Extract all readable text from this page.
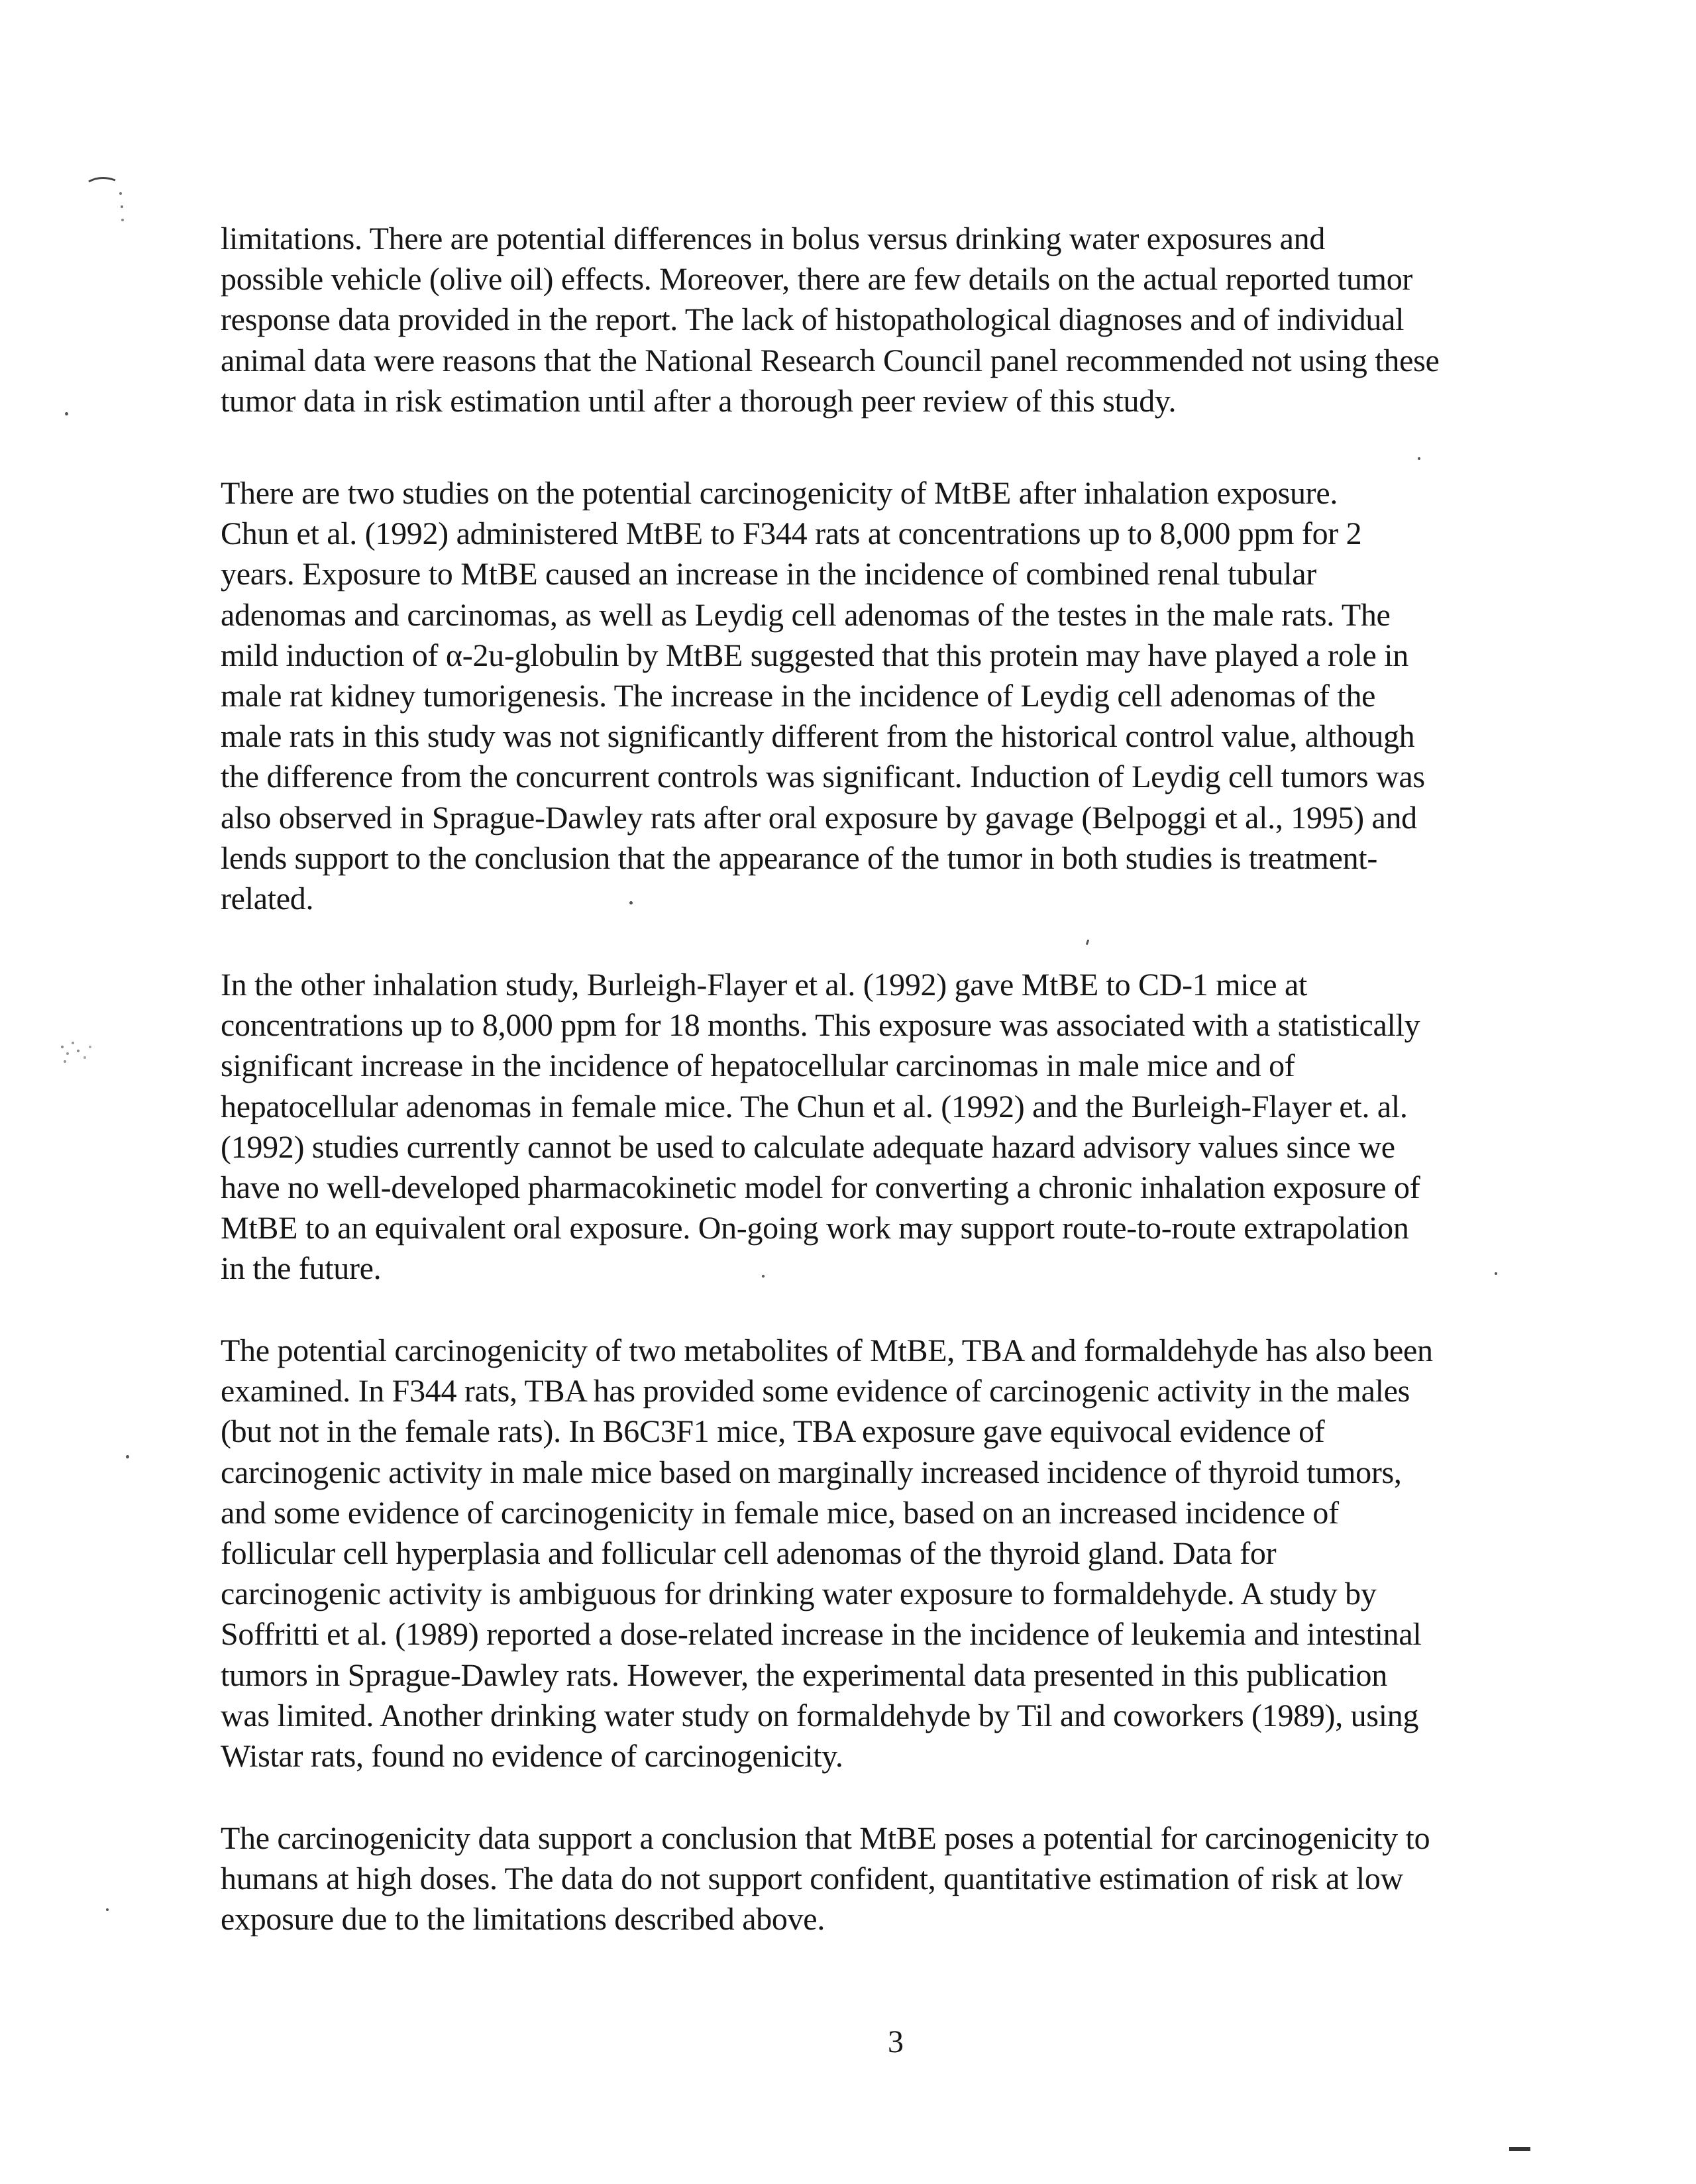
limitations. There are potential differences in bolus versus drinking water exposures and
possible vehicle (olive oil) effects. Moreover, there are few details on the actual reported tumor
response data provided in the report. The lack of histopathological diagnoses and of individual
animal data were reasons that the National Research Council panel recommended not using these
tumor data in risk estimation until after a thorough peer review of this study.

There are two studies on the potential carcinogenicity of MtBE after inhalation exposure.
Chun et al. (1992) administered MtBE to F344 rats at concentrations up to 8,000 ppm for 2
years. Exposure to MtBE caused an increase in the incidence of combined renal tubular
adenomas and carcinomas, as well as Leydig cell adenomas of the testes in the male rats. The
mild induction of α-2u-globulin by MtBE suggested that this protein may have played a role in
male rat kidney tumorigenesis. The increase in the incidence of Leydig cell adenomas of the
male rats in this study was not significantly different from the historical control value, although
the difference from the concurrent controls was significant. Induction of Leydig cell tumors was
also observed in Sprague-Dawley rats after oral exposure by gavage (Belpoggi et al., 1995) and
lends support to the conclusion that the appearance of the tumor in both studies is treatment-
related.

In the other inhalation study, Burleigh-Flayer et al. (1992) gave MtBE to CD-1 mice at
concentrations up to 8,000 ppm for 18 months. This exposure was associated with a statistically
significant increase in the incidence of hepatocellular carcinomas in male mice and of
hepatocellular adenomas in female mice. The Chun et al. (1992) and the Burleigh-Flayer et. al.
(1992) studies currently cannot be used to calculate adequate hazard advisory values since we
have no well-developed pharmacokinetic model for converting a chronic inhalation exposure of
MtBE to an equivalent oral exposure. On-going work may support route-to-route extrapolation
in the future.

The potential carcinogenicity of two metabolites of MtBE, TBA and formaldehyde has also been
examined. In F344 rats, TBA has provided some evidence of carcinogenic activity in the males
(but not in the female rats). In B6C3F1 mice, TBA exposure gave equivocal evidence of
carcinogenic activity in male mice based on marginally increased incidence of thyroid tumors,
and some evidence of carcinogenicity in female mice, based on an increased incidence of
follicular cell hyperplasia and follicular cell adenomas of the thyroid gland. Data for
carcinogenic activity is ambiguous for drinking water exposure to formaldehyde. A study by
Soffritti et al. (1989) reported a dose-related increase in the incidence of leukemia and intestinal
tumors in Sprague-Dawley rats. However, the experimental data presented in this publication
was limited. Another drinking water study on formaldehyde by Til and coworkers (1989), using
Wistar rats, found no evidence of carcinogenicity.

The carcinogenicity data support a conclusion that MtBE poses a potential for carcinogenicity to
humans at high doses. The data do not support confident, quantitative estimation of risk at low
exposure due to the limitations described above.

3
